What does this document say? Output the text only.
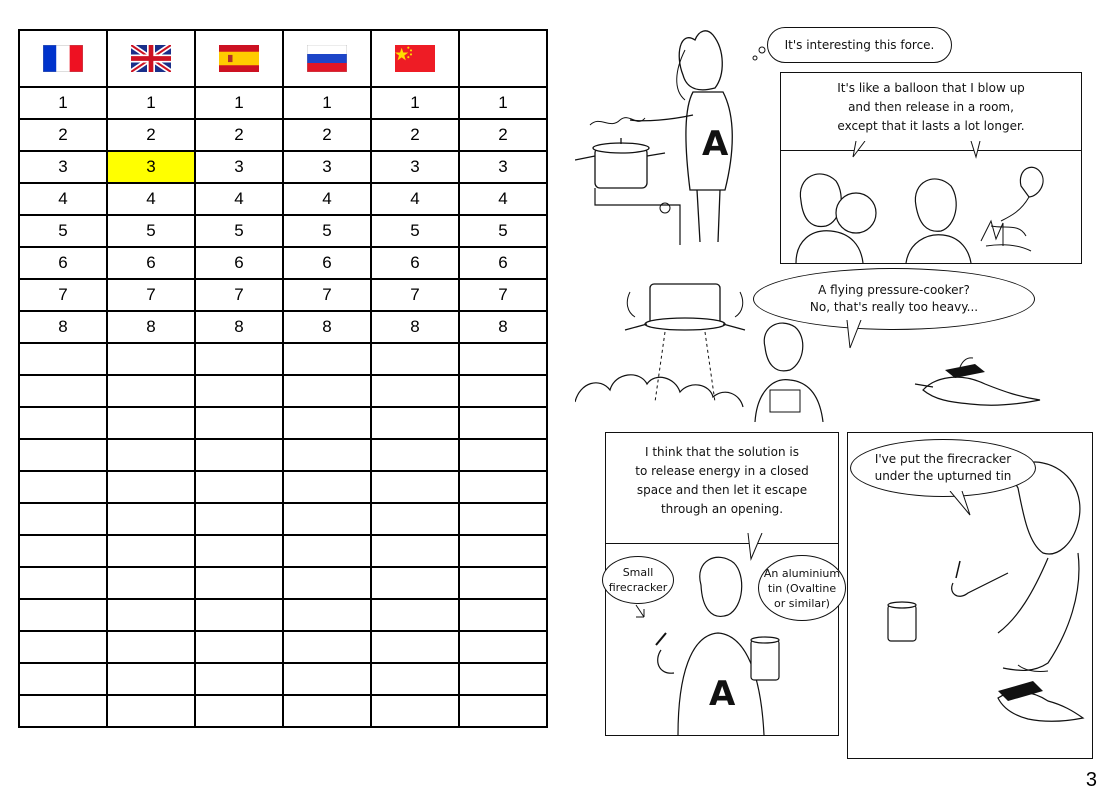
1	1	1	1	1	1
2	2	2	2	2	2
3	3	3	3	3	3
4	4	4	4	4	4
5	5	5	5	5	5
6	6	6	6	6	6
7	7	7	7	7	7
8	8	8	8	8	8

A
It's interesting this force.
It's like a balloon that I blow up
and then release in a room,
except that it lasts a lot longer.
A flying pressure-cooker?
No, that's really too heavy...
I think that the solution is
to release energy in a closed
space and then let it escape
through an opening.
A
Small
firecracker
An aluminium
tin (Ovaltine
or similar)
I've put the firecracker
under the upturned tin
3
